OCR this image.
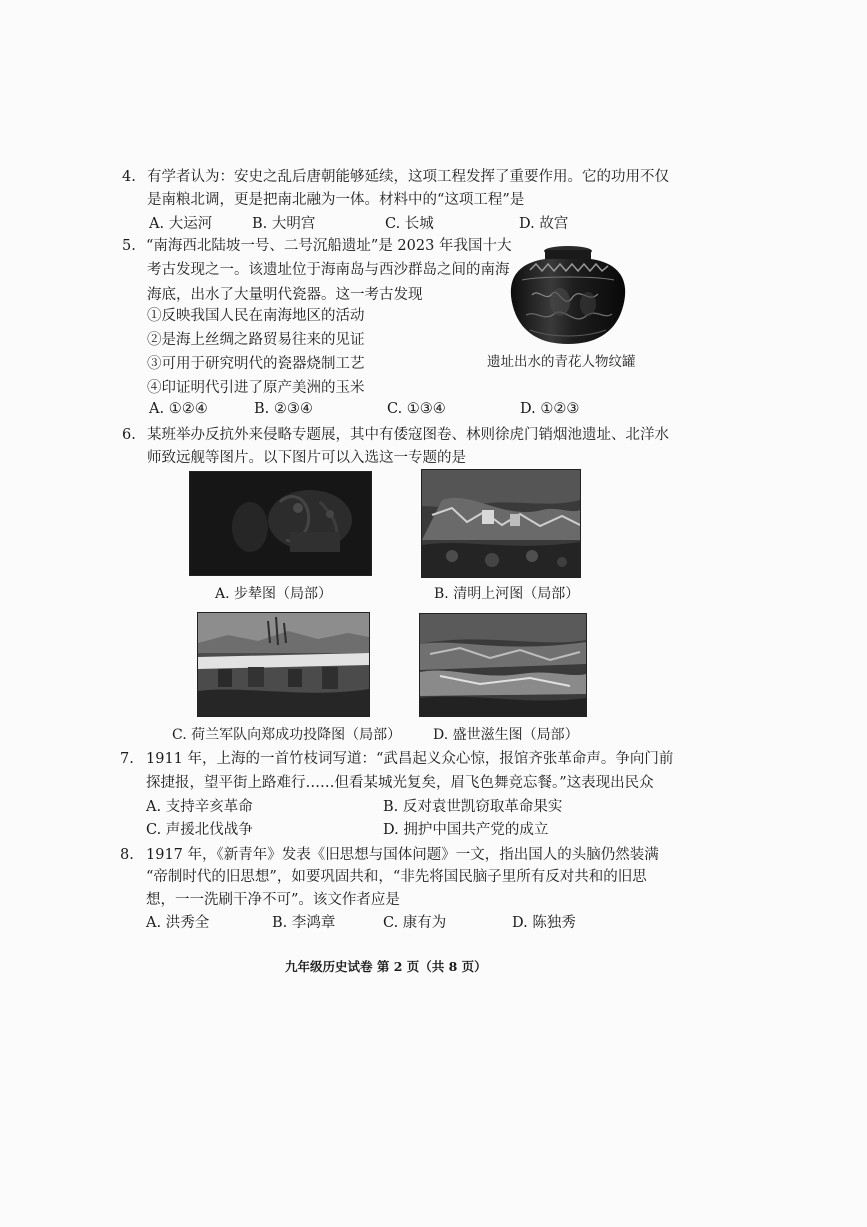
4. 有学者认为：安史之乱后唐朝能够延续，这项工程发挥了重要作用。它的功用不仅
是南粮北调，更是把南北融为一体。材料中的“这项工程”是
A. 大运河	B. 大明宫	C. 长城	D. 故宫
5. “南海西北陆坡一号、二号沉船遗址”是 2023 年我国十大
考古发现之一。该遗址位于海南岛与西沙群岛之间的南海
海底，出水了大量明代瓷器。这一考古发现
①反映我国人民在南海地区的活动
②是海上丝绸之路贸易往来的见证
③可用于研究明代的瓷器烧制工艺
④印证明代引进了原产美洲的玉米
遗址出水的青花人物纹罐
A. ①②④	B. ②③④	C. ①③④	D. ①②③
6. 某班举办反抗外来侵略专题展，其中有倭寇图卷、林则徐虎门销烟池遗址、北洋水
师致远舰等图片。以下图片可以入选这一专题的是
A. 步辇图（局部）	B. 清明上河图（局部）
C. 荷兰军队向郑成功投降图（局部） D. 盛世滋生图（局部）
7. 1911 年，上海的一首竹枝词写道：“武昌起义众心惊，报馆齐张革命声。争向门前
探捷报，望平街上路难行……但看某城光复矣，眉飞色舞竞忘餐。”这表现出民众
A. 支持辛亥革命	B. 反对袁世凯窃取革命果实
C. 声援北伐战争	D. 拥护中国共产党的成立
8. 1917 年，《新青年》发表《旧思想与国体问题》一文，指出国人的头脑仍然装满
“帝制时代的旧思想”，如要巩固共和，“非先将国民脑子里所有反对共和的旧思
想，一一洗刷干净不可”。该文作者应是
A. 洪秀全	B. 李鸿章	C. 康有为	D. 陈独秀
九年级历史试卷 第 2 页（共 8 页）
